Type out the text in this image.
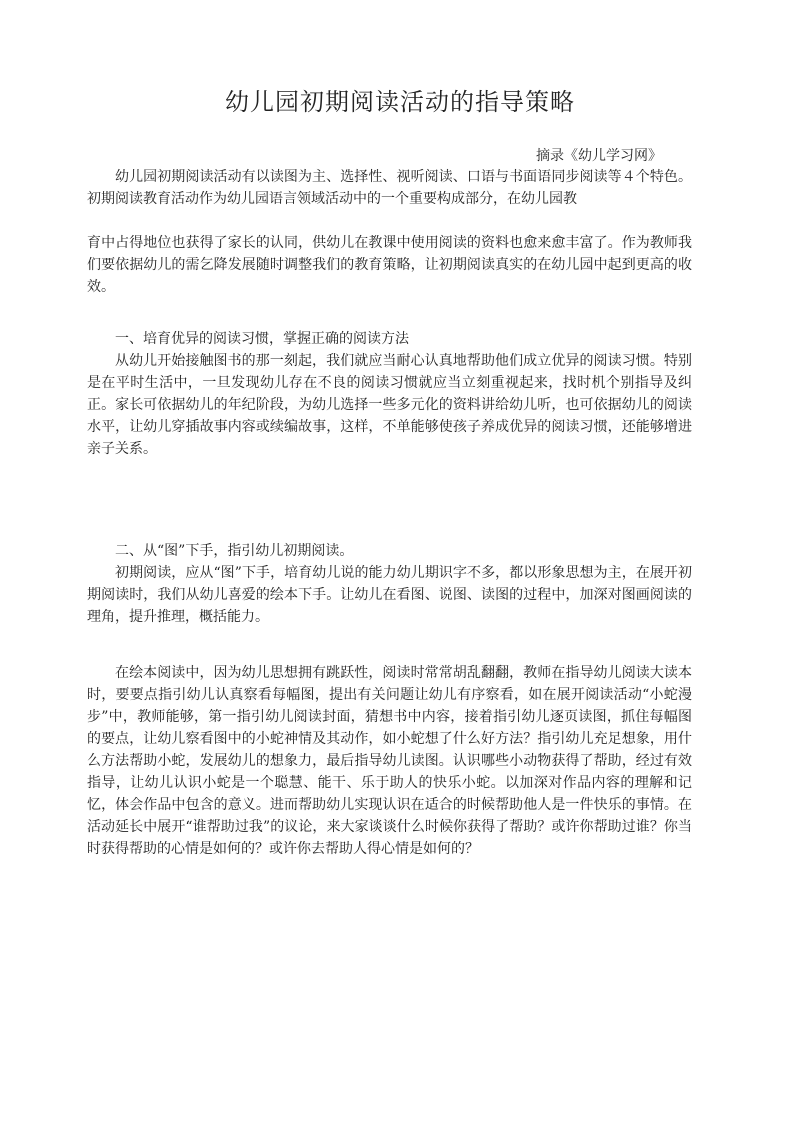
幼儿园初期阅读活动的指导策略
摘录《幼儿学习网》

幼儿园初期阅读活动有以读图为主、选择性、视听阅读、口语与书面语同步阅读等４个特色。初期阅读教育活动作为幼儿园语言领域活动中的一个重要构成部分，在幼儿园教

育中占得地位也获得了家长的认同，供幼儿在教课中使用阅读的资料也愈来愈丰富了。作为教师我们要依据幼儿的需乞降发展随时调整我们的教育策略，让初期阅读真实的在幼儿园中起到更高的收效。

一、培育优异的阅读习惯，掌握正确的阅读方法

从幼儿开始接触图书的那一刻起，我们就应当耐心认真地帮助他们成立优异的阅读习惯。特别是在平时生活中，一旦发现幼儿存在不良的阅读习惯就应当立刻重视起来，找时机个别指导及纠正。家长可依据幼儿的年纪阶段，为幼儿选择一些多元化的资料讲给幼儿听，也可依据幼儿的阅读水平，让幼儿穿插故事内容或续编故事，这样，不单能够使孩子养成优异的阅读习惯，还能够增进亲子关系。

二、从“图”下手，指引幼儿初期阅读。

初期阅读，应从“图”下手，培育幼儿说的能力幼儿期识字不多，都以形象思想为主，在展开初期阅读时，我们从幼儿喜爱的绘本下手。让幼儿在看图、说图、读图的过程中，加深对图画阅读的理角，提升推理，概括能力。

在绘本阅读中，因为幼儿思想拥有跳跃性，阅读时常常胡乱翻翻，教师在指导幼儿阅读大读本时，要要点指引幼儿认真察看每幅图，提出有关问题让幼儿有序察看，如在展开阅读活动“小蛇漫步”中，教师能够，第一指引幼儿阅读封面，猜想书中内容，接着指引幼儿逐页读图，抓住每幅图的要点，让幼儿察看图中的小蛇神情及其动作，如小蛇想了什么好方法？指引幼儿充足想象，用什么方法帮助小蛇，发展幼儿的想象力，最后指导幼儿读图。认识哪些小动物获得了帮助，经过有效指导，让幼儿认识小蛇是一个聪慧、能干、乐于助人的快乐小蛇。以加深对作品内容的理解和记忆，体会作品中包含的意义。进而帮助幼儿实现认识在适合的时候帮助他人是一件快乐的事情。在活动延长中展开“谁帮助过我”的议论，来大家谈谈什么时候你获得了帮助？或许你帮助过谁？你当时获得帮助的心情是如何的？或许你去帮助人得心情是如何的？
